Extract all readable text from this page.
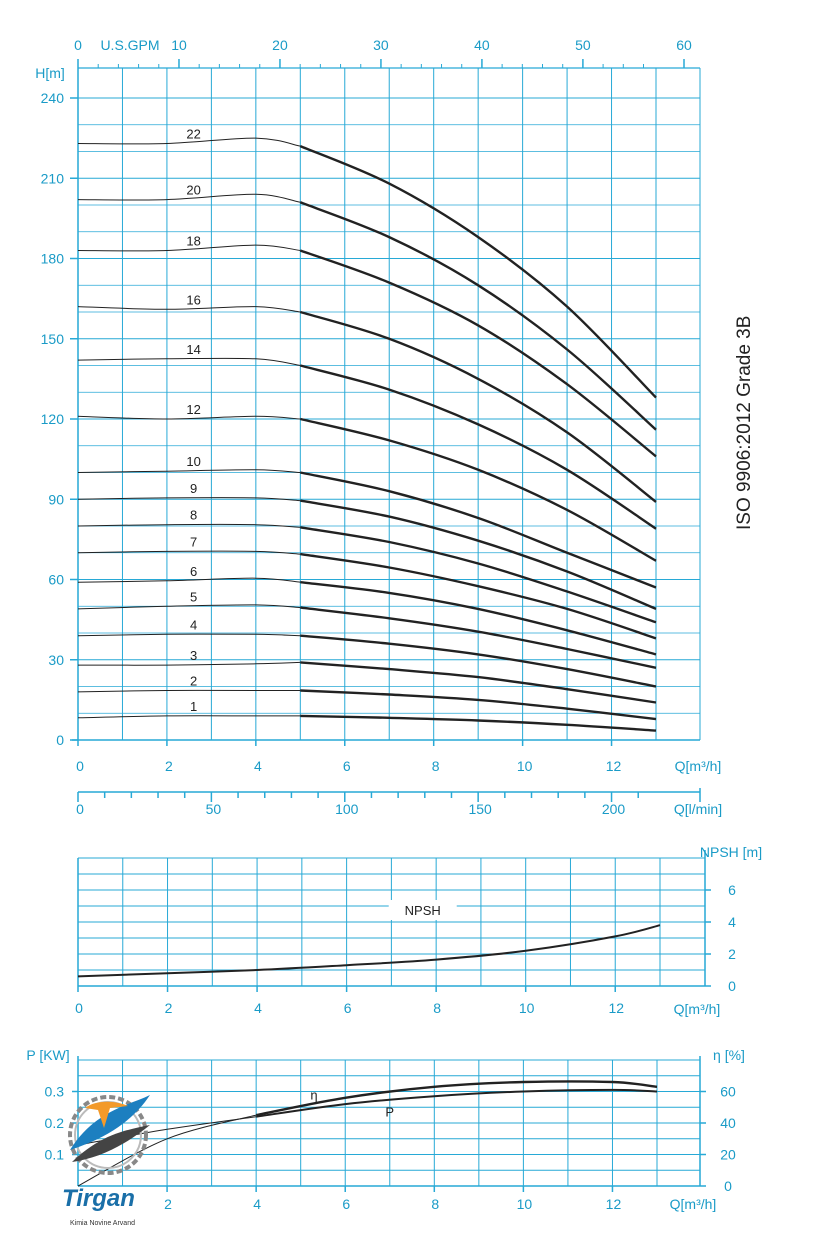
0
30
60
90
120
150
180
210
240
H[m]
0	2	4	6	8	10	12	Q[m³/h]
0	10	20	30	40	50	60
U.S.GPM
0	50	100	150	200	Q[l/min]
1
2
3
4
5
6
7
8
9
10
12
14
16
18
20
22
0
2
4
6
NPSH [m]
0	2	4	6	8	10	12	Q[m³/h]
NPSH
0.1
0.2
0.3
0
20
40
60
P [KW]	η [%]
2	4	6	8	10	12	Q[m³/h]
η
P
ISO 9906:2012 Grade 3B
Tirgan
Kimia Novine Arvand
